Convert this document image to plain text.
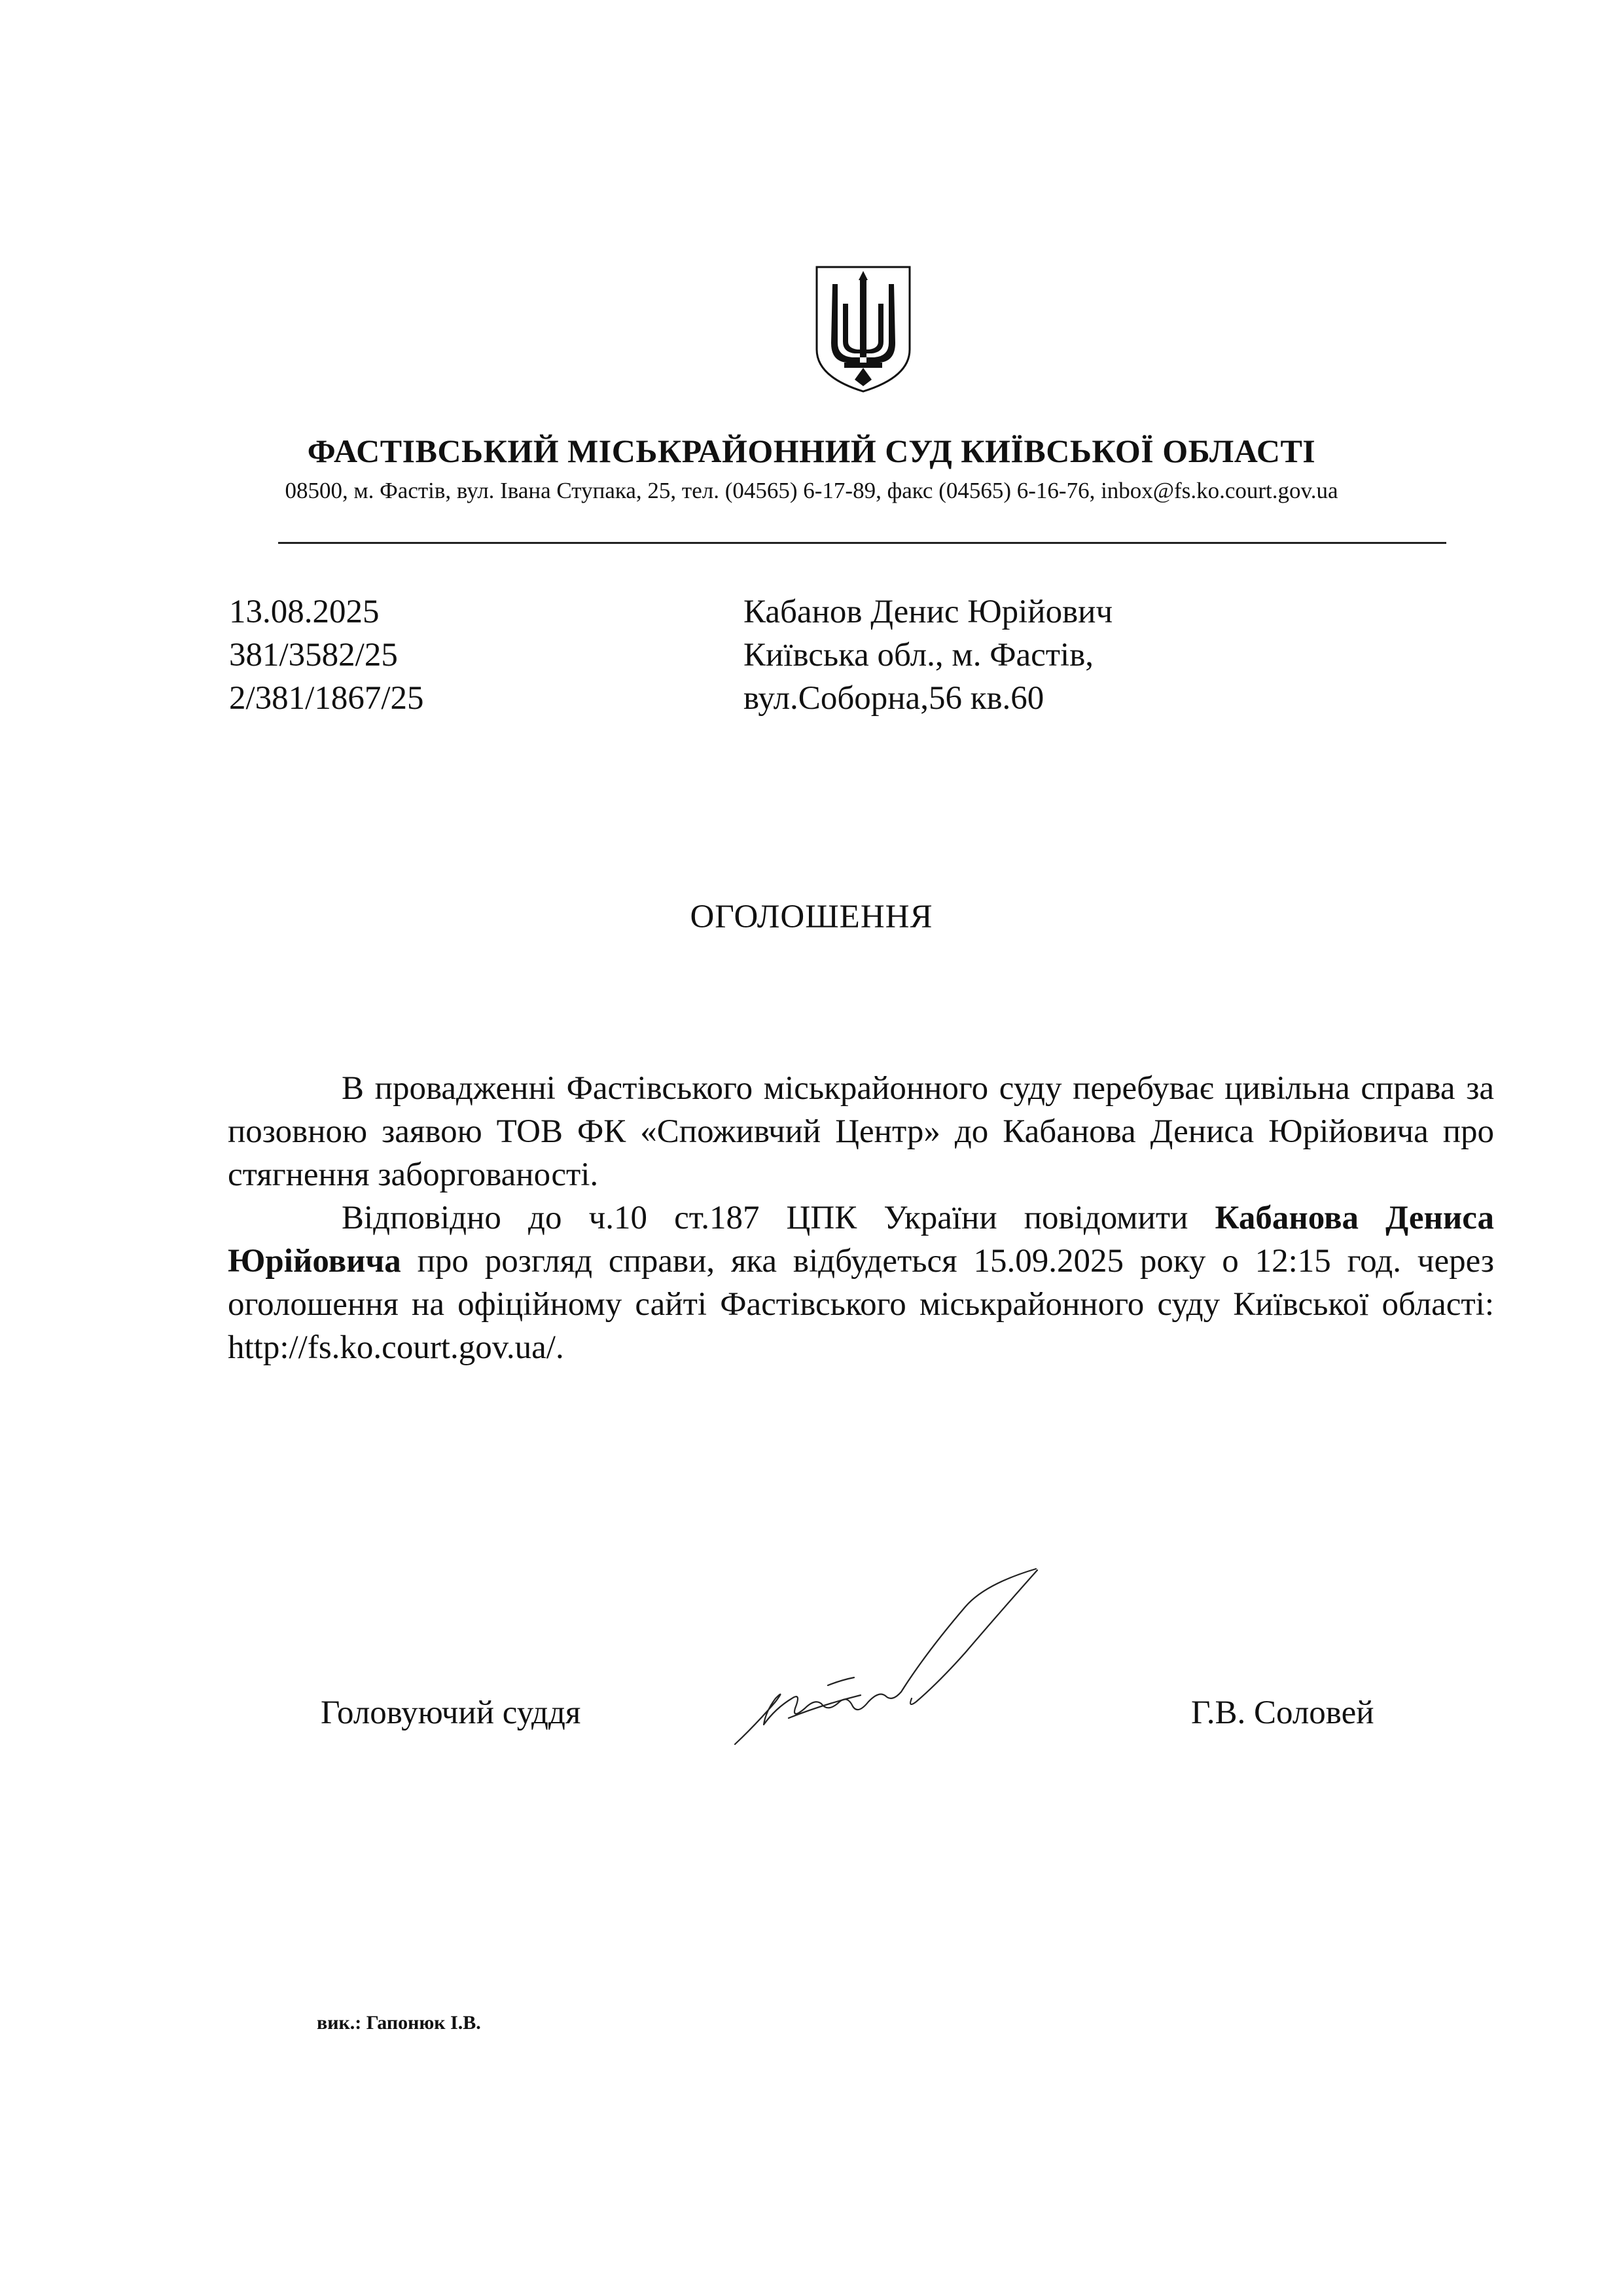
ФАСТІВСЬКИЙ МІСЬКРАЙОННИЙ СУД КИЇВСЬКОЇ ОБЛАСТІ
08500, м. Фастів, вул. Івана Ступака, 25, тел. (04565) 6-17-89, факс (04565) 6-16-76, inbox@fs.ko.court.gov.ua
13.08.2025
381/3582/25
2/381/1867/25
Кабанов Денис Юрійович
Київська обл., м. Фастів,
вул.Соборна,56 кв.60
ОГОЛОШЕННЯ

В провадженні Фастівського міськрайонного суду перебуває цивільна справа за позовною заявою ТОВ ФК «Споживчий Центр» до Кабанова Дениса Юрійовича про стягнення заборгованості.

Відповідно до ч.10 ст.187 ЦПК України повідомити Кабанова Дениса Юрійовича про розгляд справи, яка відбудеться 15.09.2025 року о 12:15 год. через оголошення на офіційному сайті Фастівського міськрайонного суду Київської області: http://fs.ko.court.gov.ua/.

Головуючий суддя	Г.В. Соловей
вик.: Гапонюк І.В.
